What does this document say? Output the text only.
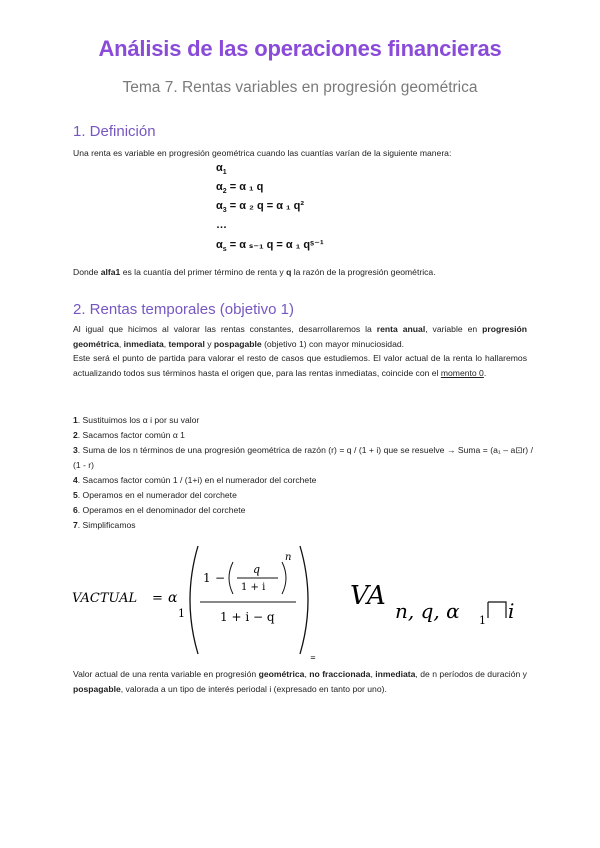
Análisis de las operaciones financieras
Tema 7. Rentas variables en progresión geométrica
1. Definición
Una renta es variable en progresión geométrica cuando las cuantías varían de la siguiente manera:
$\alpha_1$
$\alpha_2 = \alpha$ ₁ q
$\alpha_3 = \alpha$ ₂ q = α ₁ q²
…
$\alpha_s = \alpha$ ₛ₋₁ q = α ₁ qˢ⁻¹
Donde alfa1 es la cuantía del primer término de renta y q la razón de la progresión geométrica.
2. Rentas temporales (objetivo 1)
Al igual que hicimos al valorar las rentas constantes, desarrollaremos la renta anual, variable en progresión geométrica, inmediata, temporal y pospagable (objetivo 1) con mayor minuciosidad.
Este será el punto de partida para valorar el resto de casos que estudiemos. El valor actual de la renta lo hallaremos actualizando todos sus términos hasta el origen que, para las rentas inmediatas, coincide con el momento 0.
1. Sustituimos los α i por su valor
2. Sacamos factor común α 1
3. Suma de los n términos de una progresión geométrica de razón (r) = q / (1 + i) que se resuelve → Suma = (a₁ – a⊡r) / (1 - r)
4. Sacamos factor común 1 / (1+i) en el numerador del corchete
5. Operamos en el numerador del corchete
6. Operamos en el denominador del corchete
7. Simplificamos
VACTUAL = α
1
1 −
q
1 + i
n
1 + i − q
=
VA n, q, α 1 i
Valor actual de una renta variable en progresión geométrica, no fraccionada, inmediata, de n períodos de duración y pospagable, valorada a un tipo de interés periodal i (expresado en tanto por uno).
